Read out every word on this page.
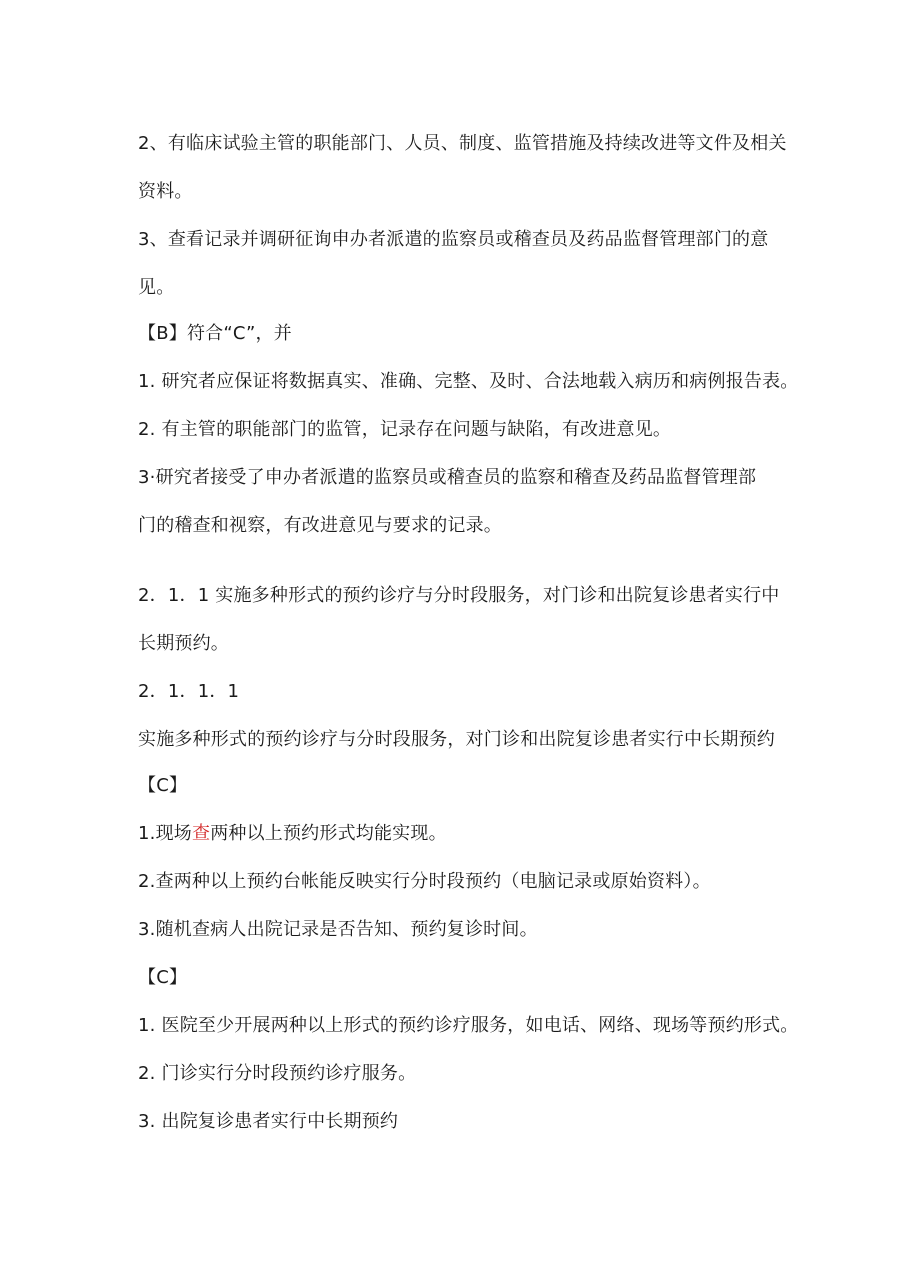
2、有临床试验主管的职能部门、人员、制度、监管措施及持续改进等文件及相关
资料。
3、查看记录并调研征询申办者派遣的监察员或稽查员及药品监督管理部门的意
见。
【B】符合“C”，并
1. 研究者应保证将数据真实、准确、完整、及时、合法地载入病历和病例报告表。
2. 有主管的职能部门的监管，记录存在问题与缺陷，有改进意见。
3·研究者接受了申办者派遣的监察员或稽查员的监察和稽查及药品监督管理部
门的稽查和视察，有改进意见与要求的记录。
2．1．1 实施多种形式的预约诊疗与分时段服务，对门诊和出院复诊患者实行中
长期预约。
2．1．1．1
实施多种形式的预约诊疗与分时段服务，对门诊和出院复诊患者实行中长期预约
【C】
1.现场查两种以上预约形式均能实现。
2.查两种以上预约台帐能反映实行分时段预约（电脑记录或原始资料）。
3.随机查病人出院记录是否告知、预约复诊时间。
【C】
1. 医院至少开展两种以上形式的预约诊疗服务，如电话、网络、现场等预约形式。
2. 门诊实行分时段预约诊疗服务。
3. 出院复诊患者实行中长期预约
